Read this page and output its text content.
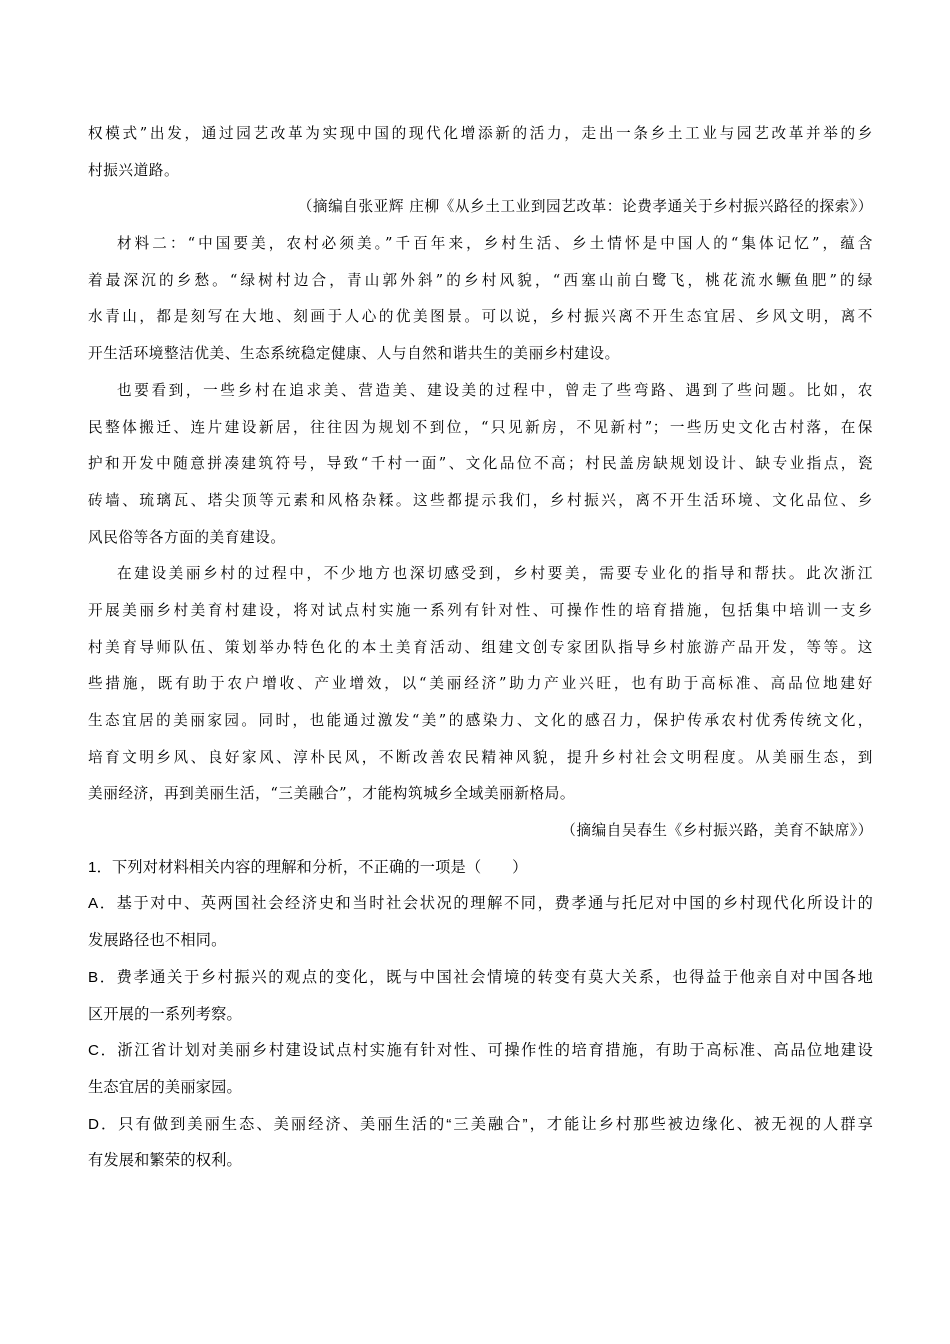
权模式”出发，通过园艺改革为实现中国的现代化增添新的活力，走出一条乡土工业与园艺改革并举的乡
村振兴道路。
（摘编自张亚辉 庄柳《从乡土工业到园艺改革：论费孝通关于乡村振兴路径的探索》）
材料二：“中国要美，农村必须美。”千百年来，乡村生活、乡土情怀是中国人的“集体记忆”，蕴含
着最深沉的乡愁。“绿树村边合，青山郭外斜”的乡村风貌，“西塞山前白鹭飞，桃花流水鳜鱼肥”的绿
水青山，都是刻写在大地、刻画于人心的优美图景。可以说，乡村振兴离不开生态宜居、乡风文明，离不
开生活环境整洁优美、生态系统稳定健康、人与自然和谐共生的美丽乡村建设。
也要看到，一些乡村在追求美、营造美、建设美的过程中，曾走了些弯路、遇到了些问题。比如，农
民整体搬迁、连片建设新居，往往因为规划不到位，“只见新房，不见新村”；一些历史文化古村落，在保
护和开发中随意拼凑建筑符号，导致“千村一面”、文化品位不高；村民盖房缺规划设计、缺专业指点，瓷
砖墙、琉璃瓦、塔尖顶等元素和风格杂糅。这些都提示我们，乡村振兴，离不开生活环境、文化品位、乡
风民俗等各方面的美育建设。
在建设美丽乡村的过程中，不少地方也深切感受到，乡村要美，需要专业化的指导和帮扶。此次浙江
开展美丽乡村美育村建设，将对试点村实施一系列有针对性、可操作性的培育措施，包括集中培训一支乡
村美育导师队伍、策划举办特色化的本土美育活动、组建文创专家团队指导乡村旅游产品开发，等等。这
些措施，既有助于农户增收、产业增效，以“美丽经济”助力产业兴旺，也有助于高标准、高品位地建好
生态宜居的美丽家园。同时，也能通过激发“美”的感染力、文化的感召力，保护传承农村优秀传统文化，
培育文明乡风、良好家风、淳朴民风，不断改善农民精神风貌，提升乡村社会文明程度。从美丽生态，到
美丽经济，再到美丽生活，“三美融合”，才能构筑城乡全域美丽新格局。
（摘编自吴春生《乡村振兴路，美育不缺席》）
1．下列对材料相关内容的理解和分析，不正确的一项是（　　）
A．基于对中、英两国社会经济史和当时社会状况的理解不同，费孝通与托尼对中国的乡村现代化所设计的
发展路径也不相同。
B．费孝通关于乡村振兴的观点的变化，既与中国社会情境的转变有莫大关系，也得益于他亲自对中国各地
区开展的一系列考察。
C．浙江省计划对美丽乡村建设试点村实施有针对性、可操作性的培育措施，有助于高标准、高品位地建设
生态宜居的美丽家园。
D．只有做到美丽生态、美丽经济、美丽生活的“三美融合”，才能让乡村那些被边缘化、被无视的人群享
有发展和繁荣的权利。
